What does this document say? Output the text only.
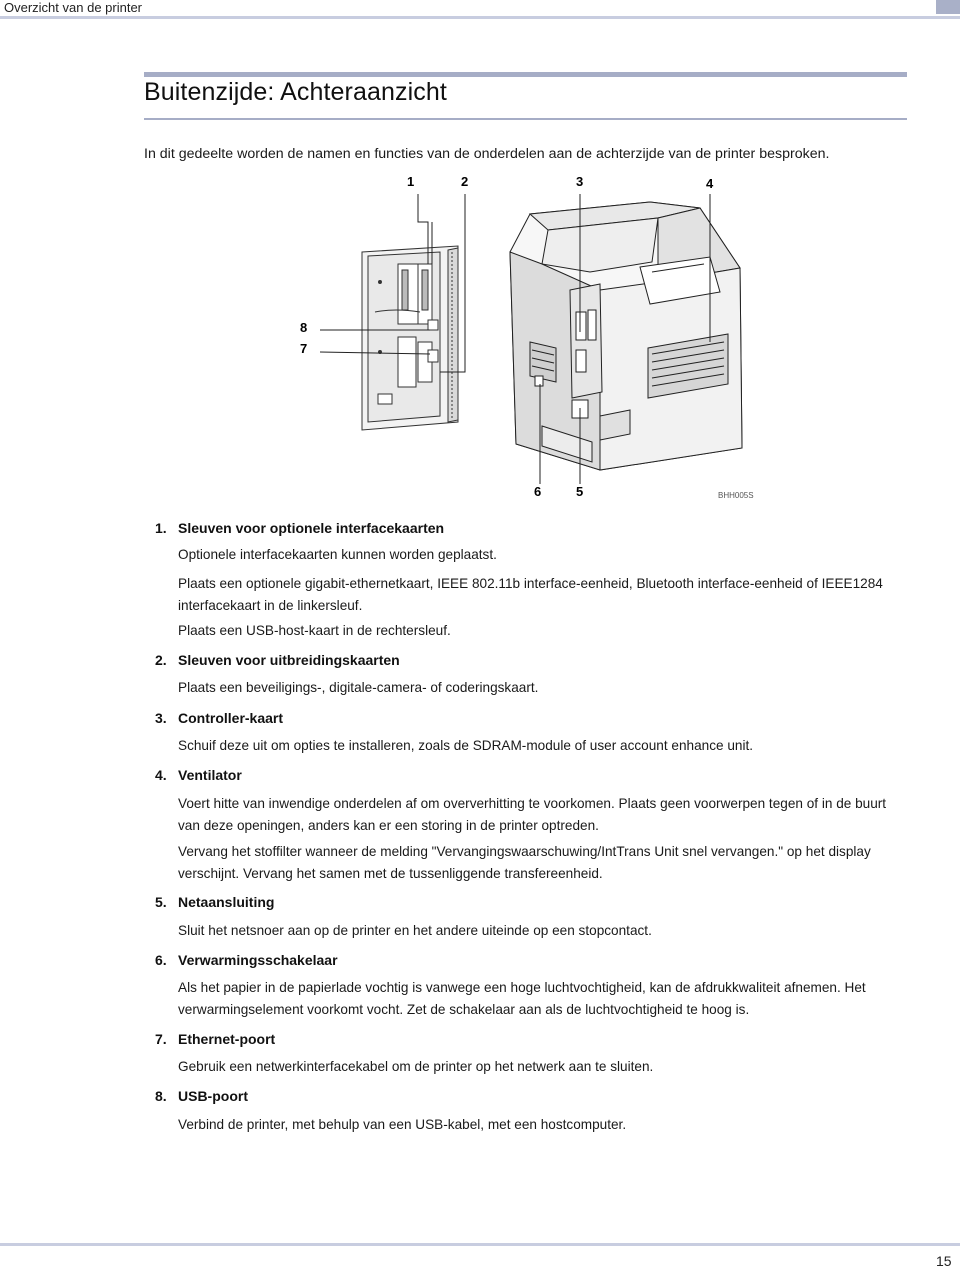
Overzicht van de printer
Buitenzijde: Achteraanzicht
In dit gedeelte worden de namen en functies van de onderdelen aan de achterzijde van de printer besproken.
1	2	3	4
5
6
7
8
BHH005S
1. Sleuven voor optionele interfacekaarten
Optionele interfacekaarten kunnen worden geplaatst.
Plaats een optionele gigabit-ethernetkaart, IEEE 802.11b interface-eenheid, Bluetooth interface-eenheid of IEEE1284 interfacekaart in de linkersleuf.
Plaats een USB-host-kaart in de rechtersleuf.
2. Sleuven voor uitbreidingskaarten
Plaats een beveiligings-, digitale-camera- of coderingskaart.
3. Controller-kaart
Schuif deze uit om opties te installeren, zoals de SDRAM-module of user account enhance unit.
4. Ventilator
Voert hitte van inwendige onderdelen af om oververhitting te voorkomen. Plaats geen voorwerpen tegen of in de buurt van deze openingen, anders kan er een storing in de printer optreden.
Vervang het stoffilter wanneer de melding "Vervangingswaarschuwing/IntTrans Unit snel vervangen." op het display verschijnt. Vervang het samen met de tussenliggende transfereenheid.
5. Netaansluiting
Sluit het netsnoer aan op de printer en het andere uiteinde op een stopcontact.
6. Verwarmingsschakelaar
Als het papier in de papierlade vochtig is vanwege een hoge luchtvochtigheid, kan de afdrukkwaliteit afnemen. Het verwarmingselement voorkomt vocht. Zet de schakelaar aan als de luchtvochtigheid te hoog is.
7. Ethernet-poort
Gebruik een netwerkinterfacekabel om de printer op het netwerk aan te sluiten.
8. USB-poort
Verbind de printer, met behulp van een USB-kabel, met een hostcomputer.
15
